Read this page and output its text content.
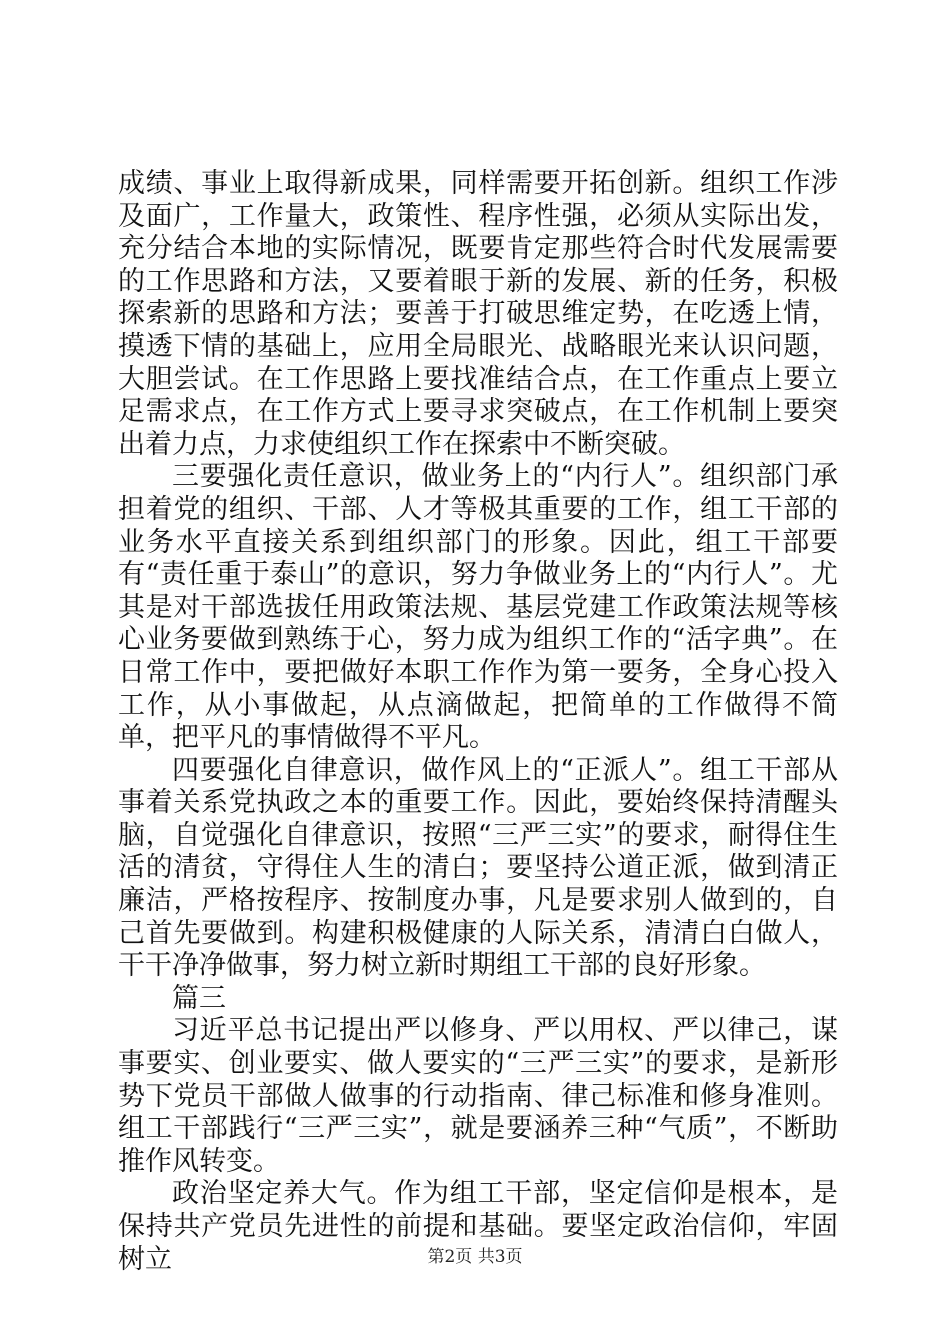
成绩、事业上取得新成果，同样需要开拓创新。组织工作涉及面广，工作量大，政策性、程序性强，必须从实际出发，充分结合本地的实际情况，既要肯定那些符合时代发展需要的工作思路和方法，又要着眼于新的发展、新的任务，积极探索新的思路和方法；要善于打破思维定势，在吃透上情，摸透下情的基础上，应用全局眼光、战略眼光来认识问题，大胆尝试。在工作思路上要找准结合点，在工作重点上要立足需求点，在工作方式上要寻求突破点，在工作机制上要突出着力点，力求使组织工作在探索中不断突破。

三要强化责任意识，做业务上的“内行人”。组织部门承担着党的组织、干部、人才等极其重要的工作，组工干部的业务水平直接关系到组织部门的形象。因此，组工干部要有“责任重于泰山”的意识，努力争做业务上的“内行人”。尤其是对干部选拔任用政策法规、基层党建工作政策法规等核心业务要做到熟练于心，努力成为组织工作的“活字典”。在日常工作中，要把做好本职工作作为第一要务，全身心投入工作，从小事做起，从点滴做起，把简单的工作做得不简单，把平凡的事情做得不平凡。

四要强化自律意识，做作风上的“正派人”。组工干部从事着关系党执政之本的重要工作。因此，要始终保持清醒头脑，自觉强化自律意识，按照“三严三实”的要求，耐得住生活的清贫，守得住人生的清白；要坚持公道正派，做到清正廉洁，严格按程序、按制度办事，凡是要求别人做到的，自己首先要做到。构建积极健康的人际关系，清清白白做人，干干净净做事，努力树立新时期组工干部的良好形象。

篇三

习近平总书记提出严以修身、严以用权、严以律己，谋事要实、创业要实、做人要实的“三严三实”的要求，是新形势下党员干部做人做事的行动指南、律己标准和修身准则。组工干部践行“三严三实”，就是要涵养三种“气质”，不断助推作风转变。

政治坚定养大气。作为组工干部，坚定信仰是根本，是保持共产党员先进性的前提和基础。要坚定政治信仰，牢固树立	第2页 共3页
